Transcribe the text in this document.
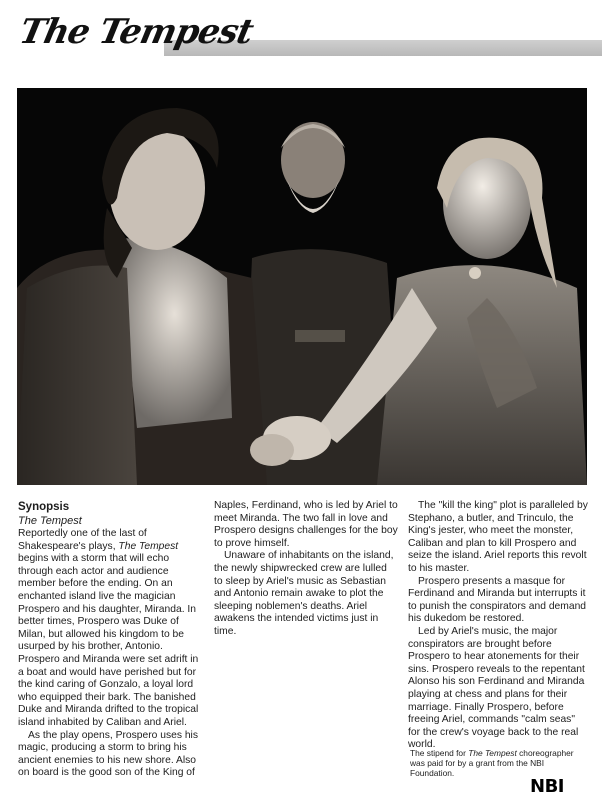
The Tempest

Synopsis

The Tempest

Reportedly one of the last of Shakespeare's plays, The Tempest begins with a storm that will echo through each actor and audience member before the ending. On an enchanted island live the magician Prospero and his daughter, Miranda. In better times, Prospero was Duke of Milan, but allowed his kingdom to be usurped by his brother, Antonio. Prospero and Miranda were set adrift in a boat and would have perished but for the kind caring of Gonzalo, a loyal lord who equipped their bark. The banished Duke and Miranda drifted to the tropical island inhabited by Caliban and Ariel.

As the play opens, Prospero uses his magic, producing a storm to bring his ancient enemies to his new shore. Also on board is the good son of the King of

Naples, Ferdinand, who is led by Ariel to meet Miranda. The two fall in love and Prospero designs challenges for the boy to prove himself.

Unaware of inhabitants on the island, the newly shipwrecked crew are lulled to sleep by Ariel's music as Sebastian and Antonio remain awake to plot the sleeping noblemen's deaths. Ariel awakens the intended victims just in time.

The "kill the king" plot is paralleled by Stephano, a butler, and Trinculo, the King's jester, who meet the monster, Caliban and plan to kill Prospero and seize the island. Ariel reports this revolt to his master.

Prospero presents a masque for Ferdinand and Miranda but interrupts it to punish the conspirators and demand his dukedom be restored.

Led by Ariel's music, the major conspirators are brought before Prospero to hear atonements for their sins. Prospero reveals to the repentant Alonso his son Ferdinand and Miranda playing at chess and plans for their marriage. Finally Prospero, before freeing Ariel, commands "calm seas" for the crew's voyage back to the real world.

The stipend for The Tempest choreographer was paid for by a grant from the NBI Foundation.
NBI
